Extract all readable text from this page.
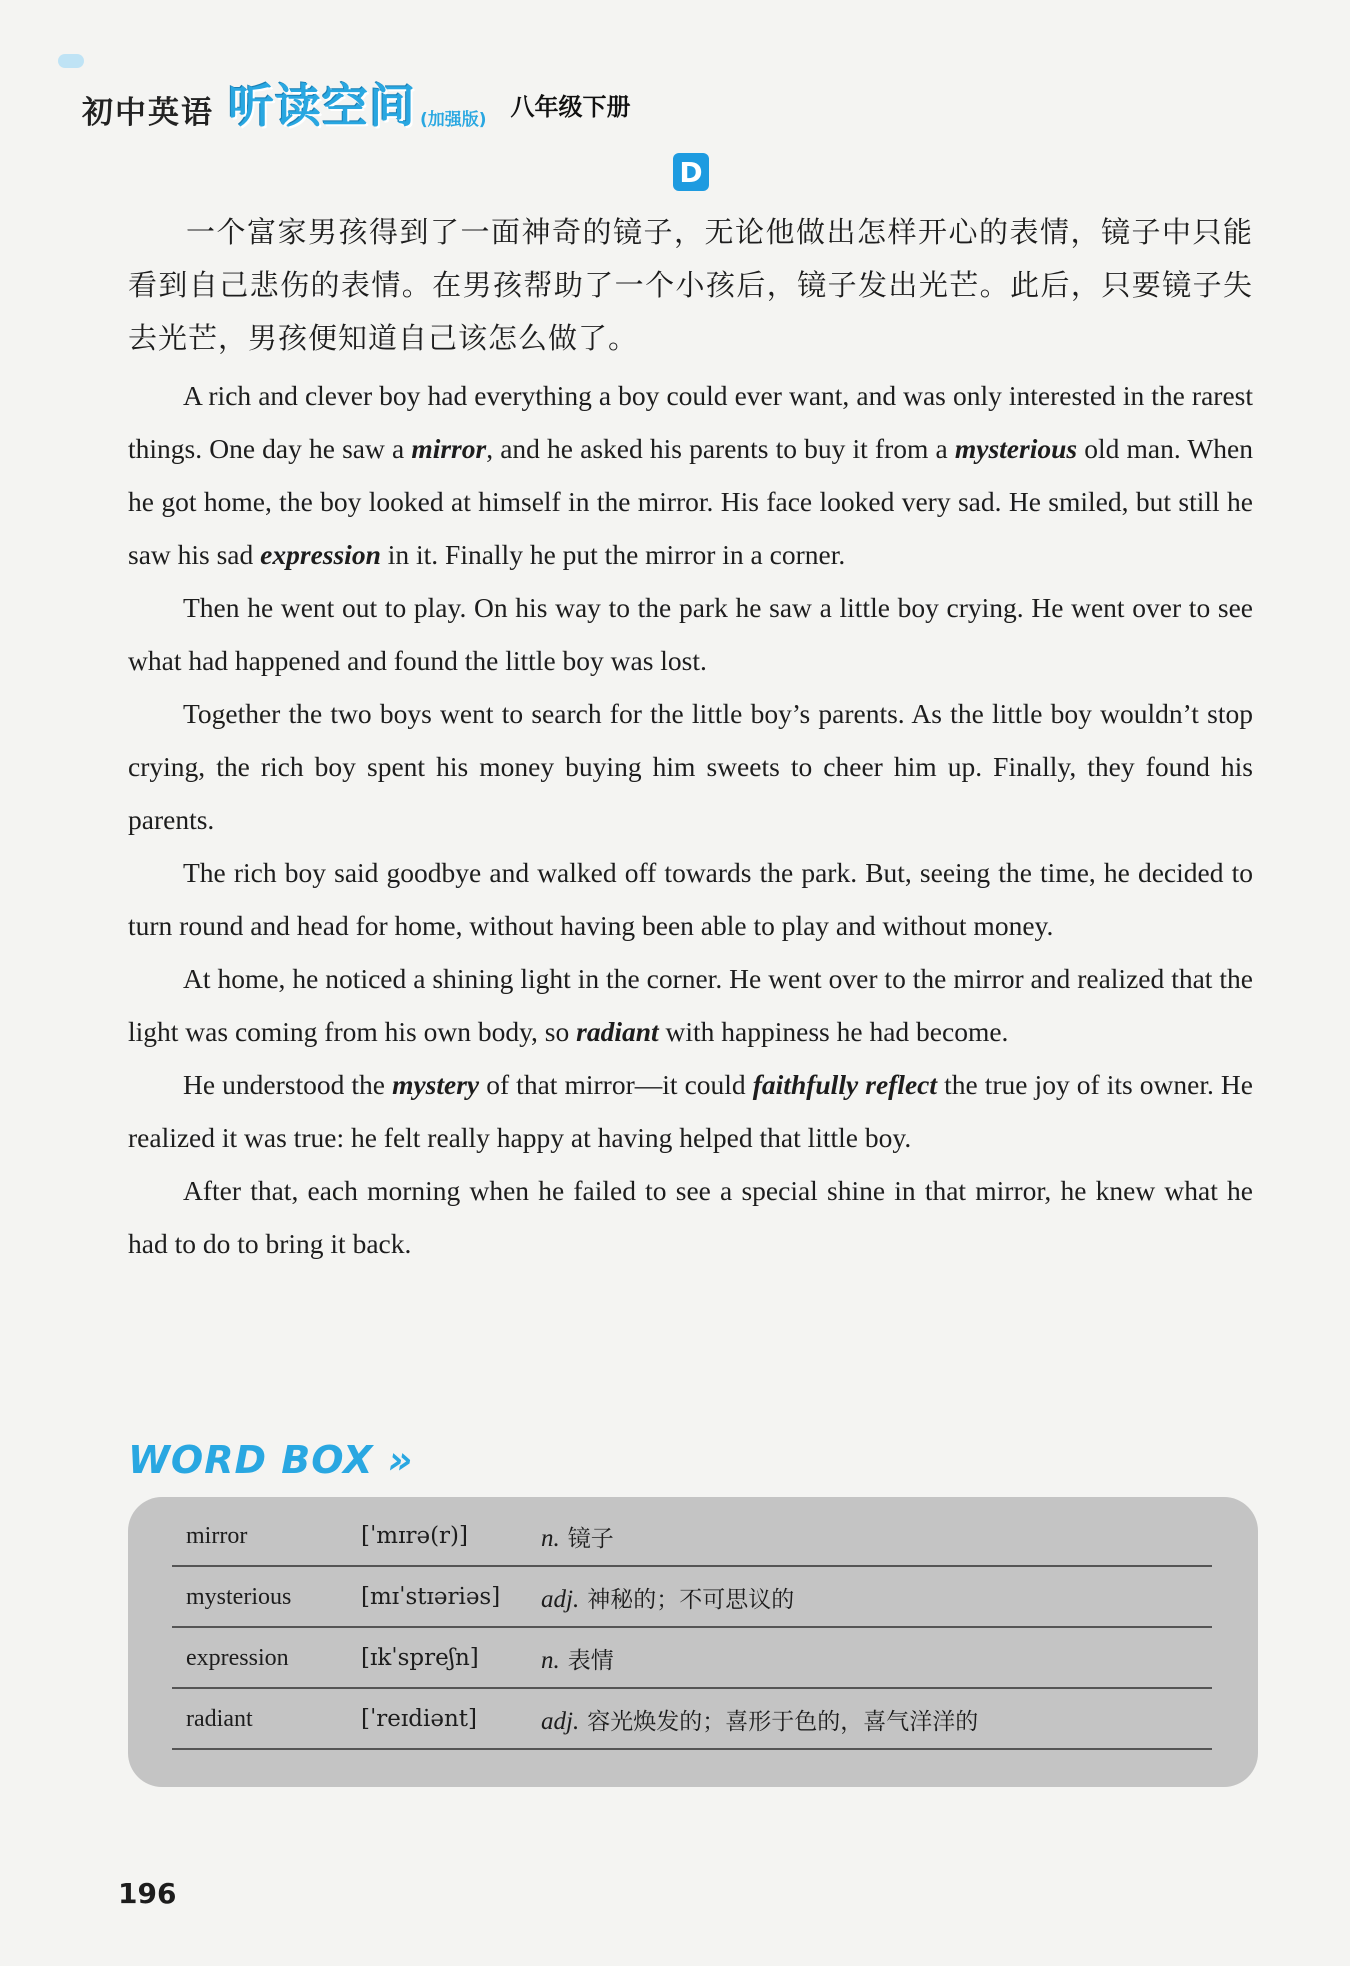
初中英语 听读空间 (加强版) 八年级下册
D

一个富家男孩得到了一面神奇的镜子，无论他做出怎样开心的表情，镜子中只能看到自己悲伤的表情。在男孩帮助了一个小孩后，镜子发出光芒。此后，只要镜子失去光芒，男孩便知道自己该怎么做了。

A rich and clever boy had everything a boy could ever want, and was only interested in the rarest things. One day he saw a mirror, and he asked his parents to buy it from a mysterious old man. When he got home, the boy looked at himself in the mirror. His face looked very sad. He smiled, but still he saw his sad expression in it. Finally he put the mirror in a corner.

Then he went out to play. On his way to the park he saw a little boy crying. He went over to see what had happened and found the little boy was lost.

Together the two boys went to search for the little boy’s parents. As the little boy wouldn’t stop crying, the rich boy spent his money buying him sweets to cheer him up. Finally, they found his parents.

The rich boy said goodbye and walked off towards the park. But, seeing the time, he decided to turn round and head for home, without having been able to play and without money.

At home, he noticed a shining light in the corner. He went over to the mirror and realized that the light was coming from his own body, so radiant with happiness he had become.

He understood the mystery of that mirror—it could faithfully reflect the true joy of its owner. He realized it was true: he felt really happy at having helped that little boy.

After that, each morning when he failed to see a special shine in that mirror, he knew what he had to do to bring it back.

WORD BOX »
mirror	[ˈmɪrə(r)]	n. 镜子
mysterious	[mɪˈstɪəriəs]	adj. 神秘的；不可思议的
expression	[ɪkˈspreʃn]	n. 表情
radiant	[ˈreɪdiənt]	adj. 容光焕发的；喜形于色的，喜气洋洋的
196
